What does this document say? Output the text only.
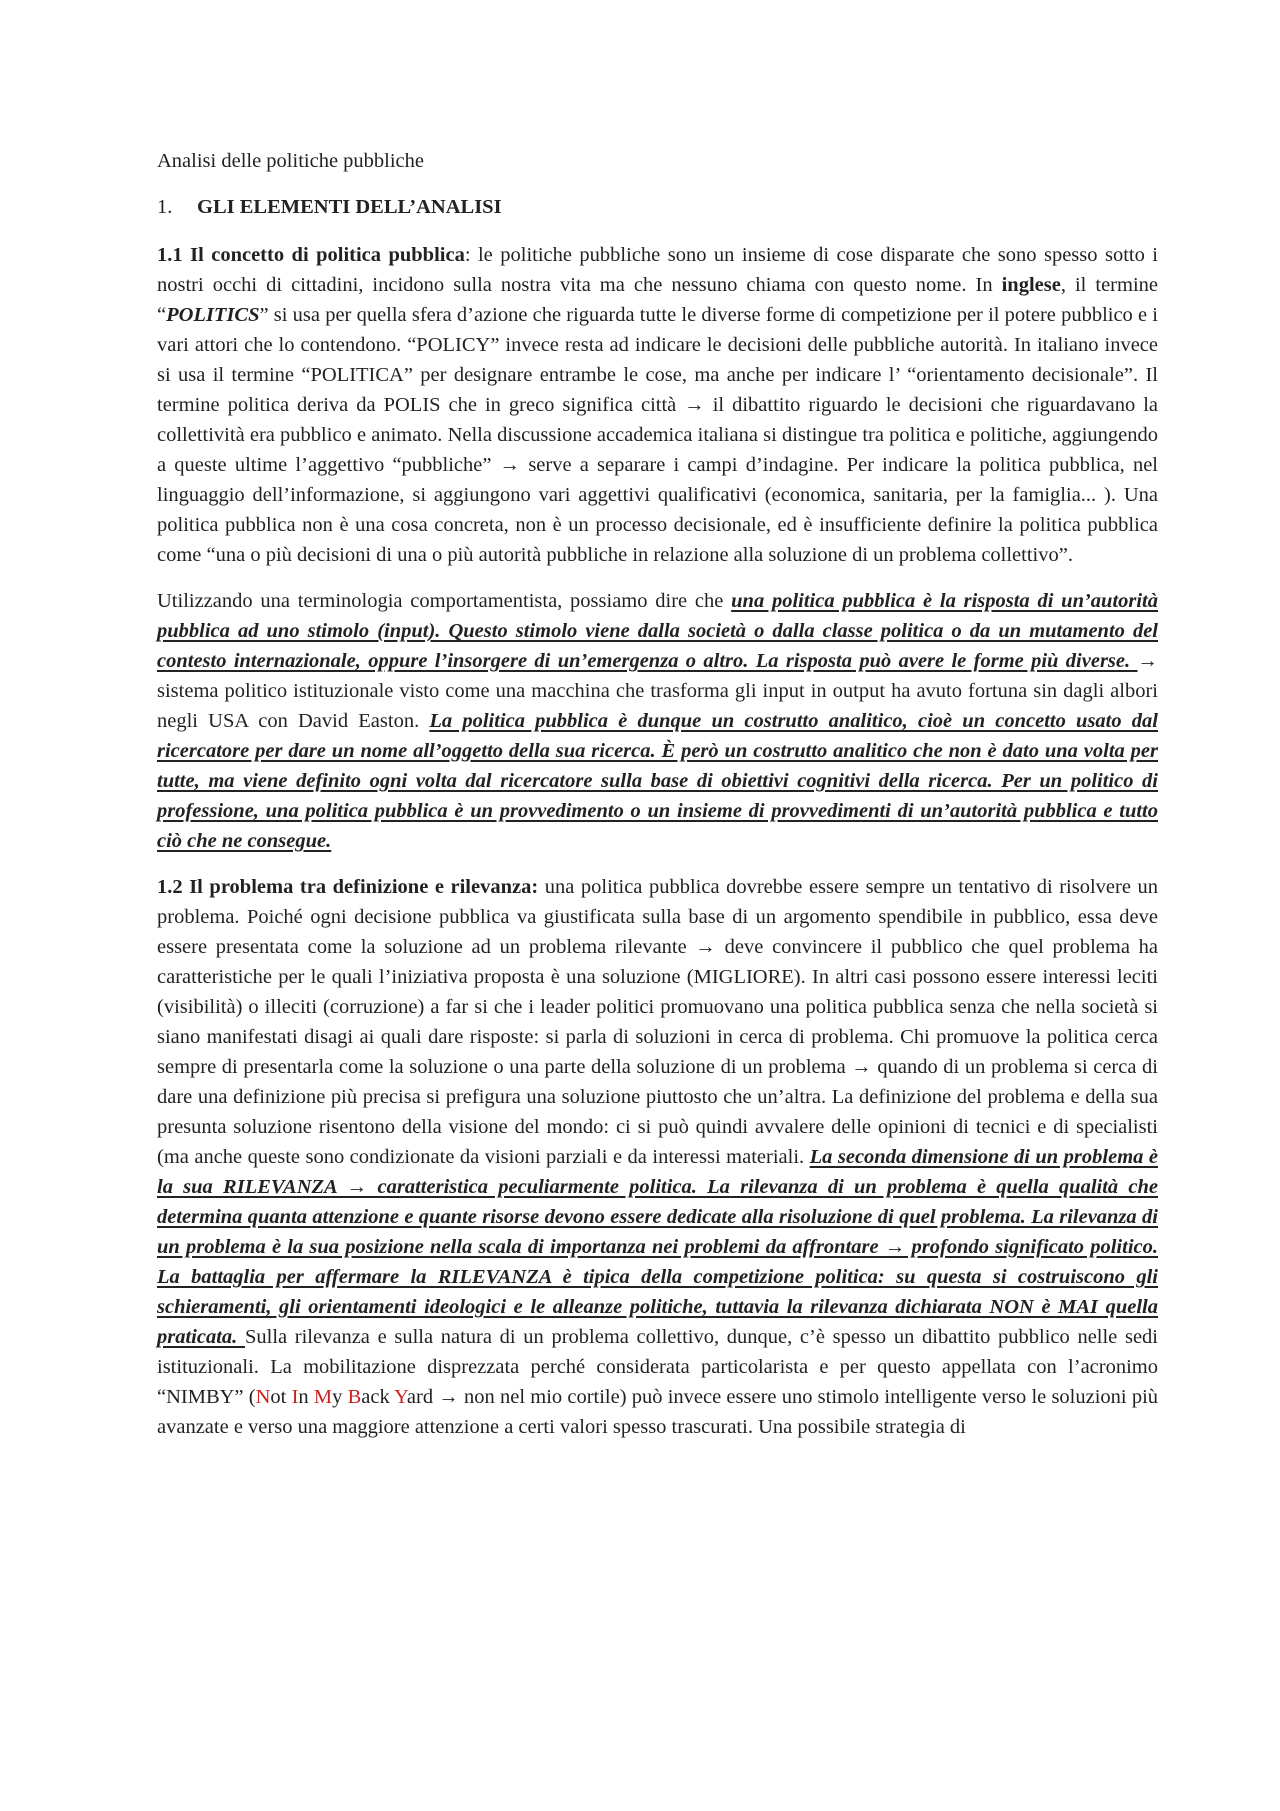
Analisi delle politiche pubbliche
1. GLI ELEMENTI DELL’ANALISI

1.1 Il concetto di politica pubblica: le politiche pubbliche sono un insieme di cose disparate che sono spesso sotto i nostri occhi di cittadini, incidono sulla nostra vita ma che nessuno chiama con questo nome. In inglese, il termine “POLITICS” si usa per quella sfera d’azione che riguarda tutte le diverse forme di competizione per il potere pubblico e i vari attori che lo contendono. “POLICY” invece resta ad indicare le decisioni delle pubbliche autorità. In italiano invece si usa il termine “POLITICA” per designare entrambe le cose, ma anche per indicare l’ “orientamento decisionale”. Il termine politica deriva da POLIS che in greco significa città → il dibattito riguardo le decisioni che riguardavano la collettività era pubblico e animato. Nella discussione accademica italiana si distingue tra politica e politiche, aggiungendo a queste ultime l’aggettivo “pubbliche” → serve a separare i campi d’indagine. Per indicare la politica pubblica, nel linguaggio dell’informazione, si aggiungono vari aggettivi qualificativi (economica, sanitaria, per la famiglia... ). Una politica pubblica non è una cosa concreta, non è un processo decisionale, ed è insufficiente definire la politica pubblica come “una o più decisioni di una o più autorità pubbliche in relazione alla soluzione di un problema collettivo”.

Utilizzando una terminologia comportamentista, possiamo dire che una politica pubblica è la risposta di un’autorità pubblica ad uno stimolo (input). Questo stimolo viene dalla società o dalla classe politica o da un mutamento del contesto internazionale, oppure l’insorgere di un’emergenza o altro. La risposta può avere le forme più diverse. → sistema politico istituzionale visto come una macchina che trasforma gli input in output ha avuto fortuna sin dagli albori negli USA con David Easton. La politica pubblica è dunque un costrutto analitico, cioè un concetto usato dal ricercatore per dare un nome all’oggetto della sua ricerca. È però un costrutto analitico che non è dato una volta per tutte, ma viene definito ogni volta dal ricercatore sulla base di obiettivi cognitivi della ricerca. Per un politico di professione, una politica pubblica è un provvedimento o un insieme di provvedimenti di un’autorità pubblica e tutto ciò che ne consegue.

1.2 Il problema tra definizione e rilevanza: una politica pubblica dovrebbe essere sempre un tentativo di risolvere un problema. Poiché ogni decisione pubblica va giustificata sulla base di un argomento spendibile in pubblico, essa deve essere presentata come la soluzione ad un problema rilevante → deve convincere il pubblico che quel problema ha caratteristiche per le quali l’iniziativa proposta è una soluzione (MIGLIORE). In altri casi possono essere interessi leciti (visibilità) o illeciti (corruzione) a far si che i leader politici promuovano una politica pubblica senza che nella società si siano manifestati disagi ai quali dare risposte: si parla di soluzioni in cerca di problema. Chi promuove la politica cerca sempre di presentarla come la soluzione o una parte della soluzione di un problema → quando di un problema si cerca di dare una definizione più precisa si prefigura una soluzione piuttosto che un’altra. La definizione del problema e della sua presunta soluzione risentono della visione del mondo: ci si può quindi avvalere delle opinioni di tecnici e di specialisti (ma anche queste sono condizionate da visioni parziali e da interessi materiali. La seconda dimensione di un problema è la sua RILEVANZA → caratteristica peculiarmente politica. La rilevanza di un problema è quella qualità che determina quanta attenzione e quante risorse devono essere dedicate alla risoluzione di quel problema. La rilevanza di un problema è la sua posizione nella scala di importanza nei problemi da affrontare → profondo significato politico. La battaglia per affermare la RILEVANZA è tipica della competizione politica: su questa si costruiscono gli schieramenti, gli orientamenti ideologici e le alleanze politiche, tuttavia la rilevanza dichiarata NON è MAI quella praticata. Sulla rilevanza e sulla natura di un problema collettivo, dunque, c’è spesso un dibattito pubblico nelle sedi istituzionali. La mobilitazione disprezzata perché considerata particolarista e per questo appellata con l’acronimo “NIMBY” (Not In My Back Yard → non nel mio cortile) può invece essere uno stimolo intelligente verso le soluzioni più avanzate e verso una maggiore attenzione a certi valori spesso trascurati. Una possibile strategia di
